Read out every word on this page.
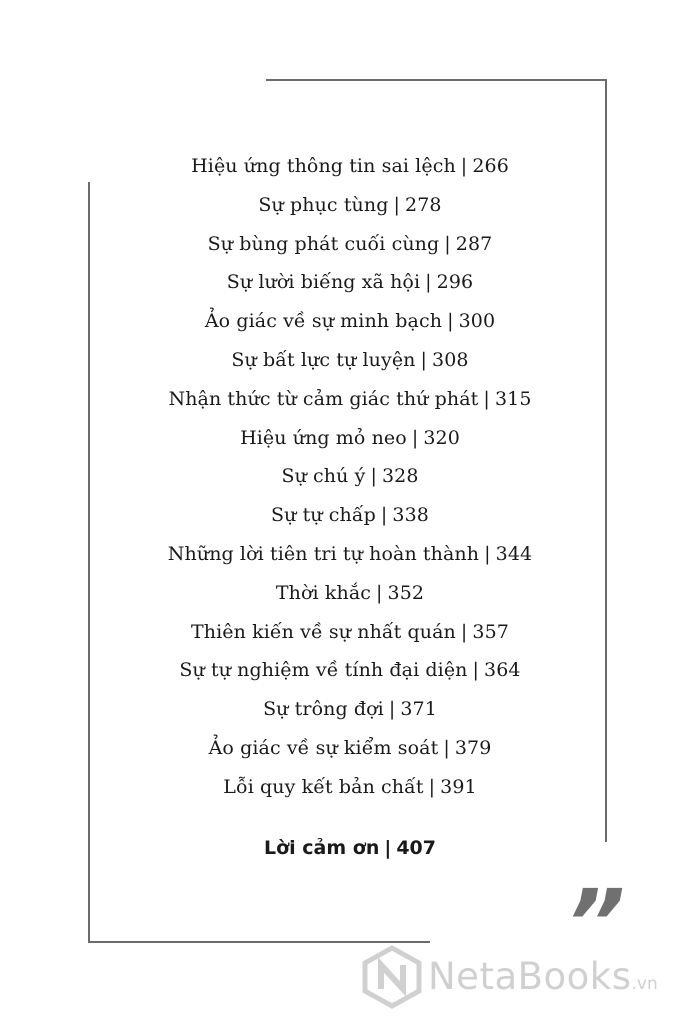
Hiệu ứng thông tin sai lệch | 266
Sự phục tùng | 278
Sự bùng phát cuối cùng | 287
Sự lười biếng xã hội | 296
Ảo giác về sự minh bạch | 300
Sự bất lực tự luyện | 308
Nhận thức từ cảm giác thứ phát | 315
Hiệu ứng mỏ neo | 320
Sự chú ý | 328
Sự tự chấp | 338
Những lời tiên tri tự hoàn thành | 344
Thời khắc | 352
Thiên kiến về sự nhất quán | 357
Sự tự nghiệm về tính đại diện | 364
Sự trông đợi | 371
Ảo giác về sự kiểm soát | 379
Lỗi quy kết bản chất | 391
Lời cảm ơn | 407
”
NetaBooks.vn
